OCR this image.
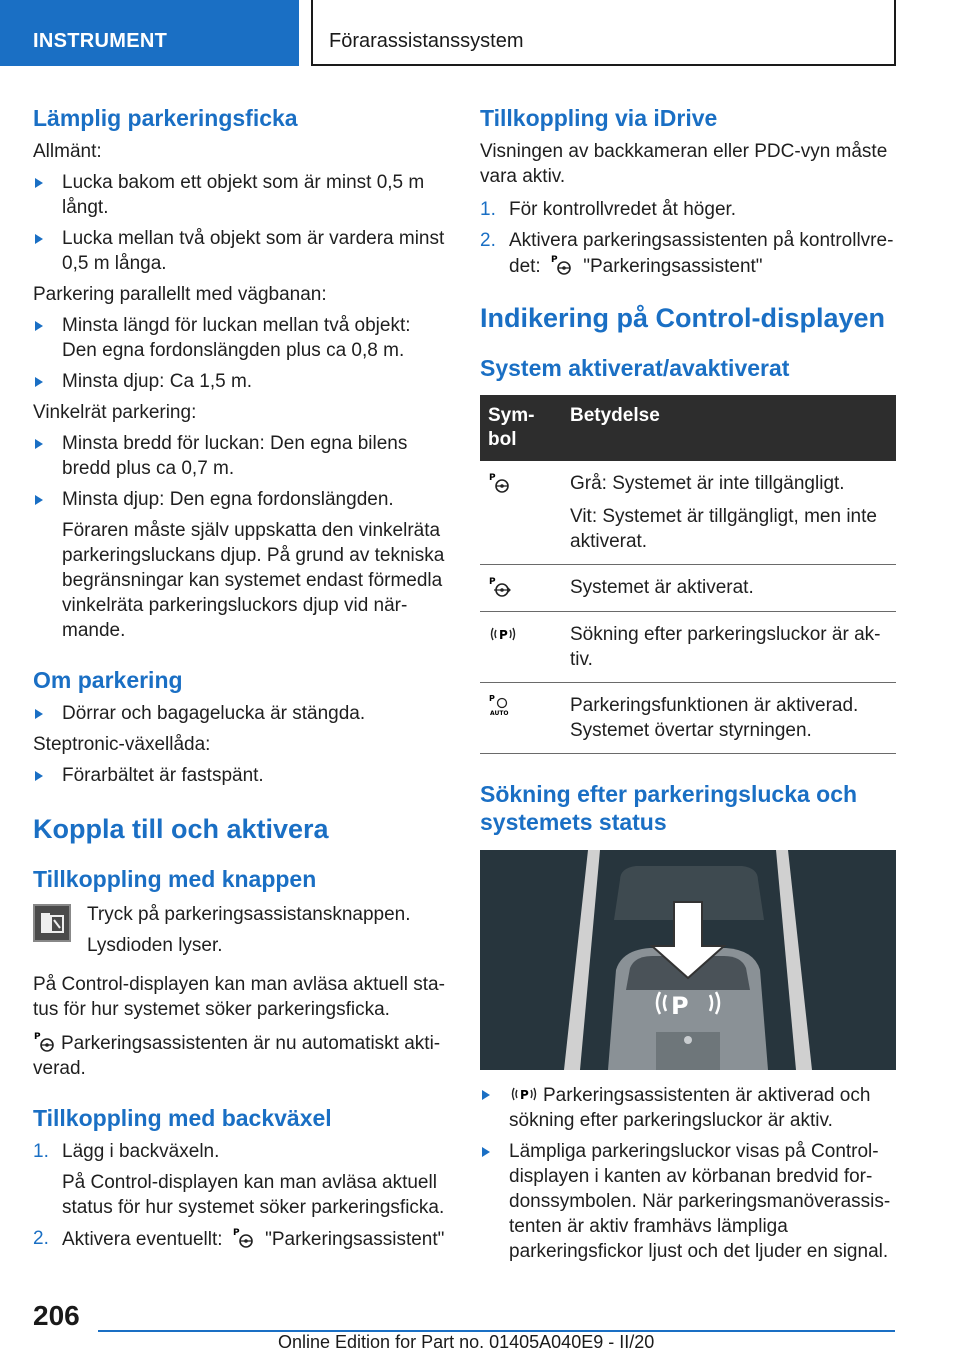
INSTRUMENT	Förarassistanssystem
Lämplig parkeringsficka

Allmänt:

Lucka bakom ett objekt som är minst 0,5 m långt.
Lucka mellan två objekt som är vardera minst 0,5 m långa.

Parkering parallellt med vägbanan:

Minsta längd för luckan mellan två objekt: Den egna fordonslängden plus ca 0,8 m.
Minsta djup: Ca 1,5 m.

Vinkelrät parkering:

Minsta bredd för luckan: Den egna bilens bredd plus ca 0,7 m.
Minsta djup: Den egna fordonslängden.
Föraren måste själv uppskatta den vinkelräta parkeringsluckans djup. På grund av tekniska begränsningar kan systemet endast förmedla vinkelräta parkeringsluckors djup vid närmande.
Om parkering
Dörrar och bagagelucka är stängda.

Steptronic-växellåda:

Förarbältet är fastspänt.
Koppla till och aktivera
Tillkoppling med knappen

Tryck på parkeringsassistansknappen.

Lysdioden lyser.

På Control-displayen kan man avläsa aktuell status för hur systemet söker parkeringsficka.

P Parkeringsassistenten är nu automatiskt aktiverad.

Tillkoppling med backväxel
1. Lägg i backväxeln.
På Control-displayen kan man avläsa aktuell status för hur systemet söker parkeringsficka.
2. Aktivera eventuellt: P "Parkeringsassistent"
Tillkoppling via iDrive

Visningen av backkameran eller PDC-vyn måste vara aktiv.

1. För kontrollvredet åt höger.
2. Aktivera parkeringsassistenten på kontrollvredet: P "Parkeringsassistent"
Indikering på Control-displayen
System aktiverat/avaktiverat
Symbol	Betydelse

P	Grå: Systemet är inte tillgängligt.

Vit: Systemet är tillgängligt, men inte aktiverat.

P	Systemet är aktiverat.

P	Sökning efter parkeringsluckor är aktiv.

P
AUTO	Parkeringsfunktionen är aktiverad. Systemet övertar styrningen.

Sökning efter parkeringslucka och systemets status
P
P Parkeringsassistenten är aktiverad och sökning efter parkeringsluckor är aktiv.
Lämpliga parkeringsluckor visas på Control-displayen i kanten av körbanan bredvid fordonssymbolen. När parkeringsmanöverassistenten är aktiv framhävs lämpliga parkeringsfickor ljust och det ljuder en signal.
206
Online Edition for Part no. 01405A040E9 - II/20
